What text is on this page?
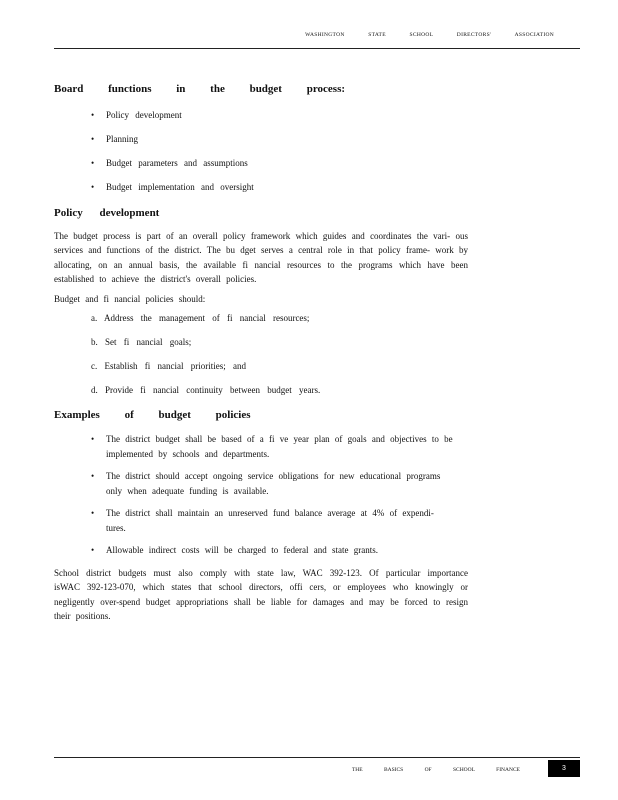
WASHINGTON STATE SCHOOL DIRECTORS' ASSOCIATION
Board functions in the budget process:
• Policy development
• Planning
• Budget parameters and assumptions
• Budget implementation and oversight
Policy development

The budget process is part of an overall policy framework which guides and coordinates the vari- ous services and functions of the district. The bu dget serves a central role in that policy frame- work by allocating, on an annual basis, the available fi nancial resources to the programs which have been established to achieve the district's overall policies.

Budget and fi nancial policies should:

a. Address the management of fi nancial resources;
b. Set fi nancial goals;
c. Establish fi nancial priorities; and
d. Provide fi nancial continuity between budget years.
Examples of budget policies
• The district budget shall be based of a fi ve year plan of goals and objectives to be implemented by schools and departments.
• The district should accept ongoing service obligations for new educational programs only when adequate funding is available.
• The district shall maintain an unreserved fund balance average at 4% of expendi- tures.
• Allowable indirect costs will be charged to federal and state grants.

School district budgets must also comply with state law, WAC 392-123. Of particular importance isWAC 392-123-070, which states that school directors, offi cers, or employees who knowingly or negligently over-spend budget appropriations shall be liable for damages and may be forced to resign their positions.

THE BASICS OF SCHOOL FINANCE	3
